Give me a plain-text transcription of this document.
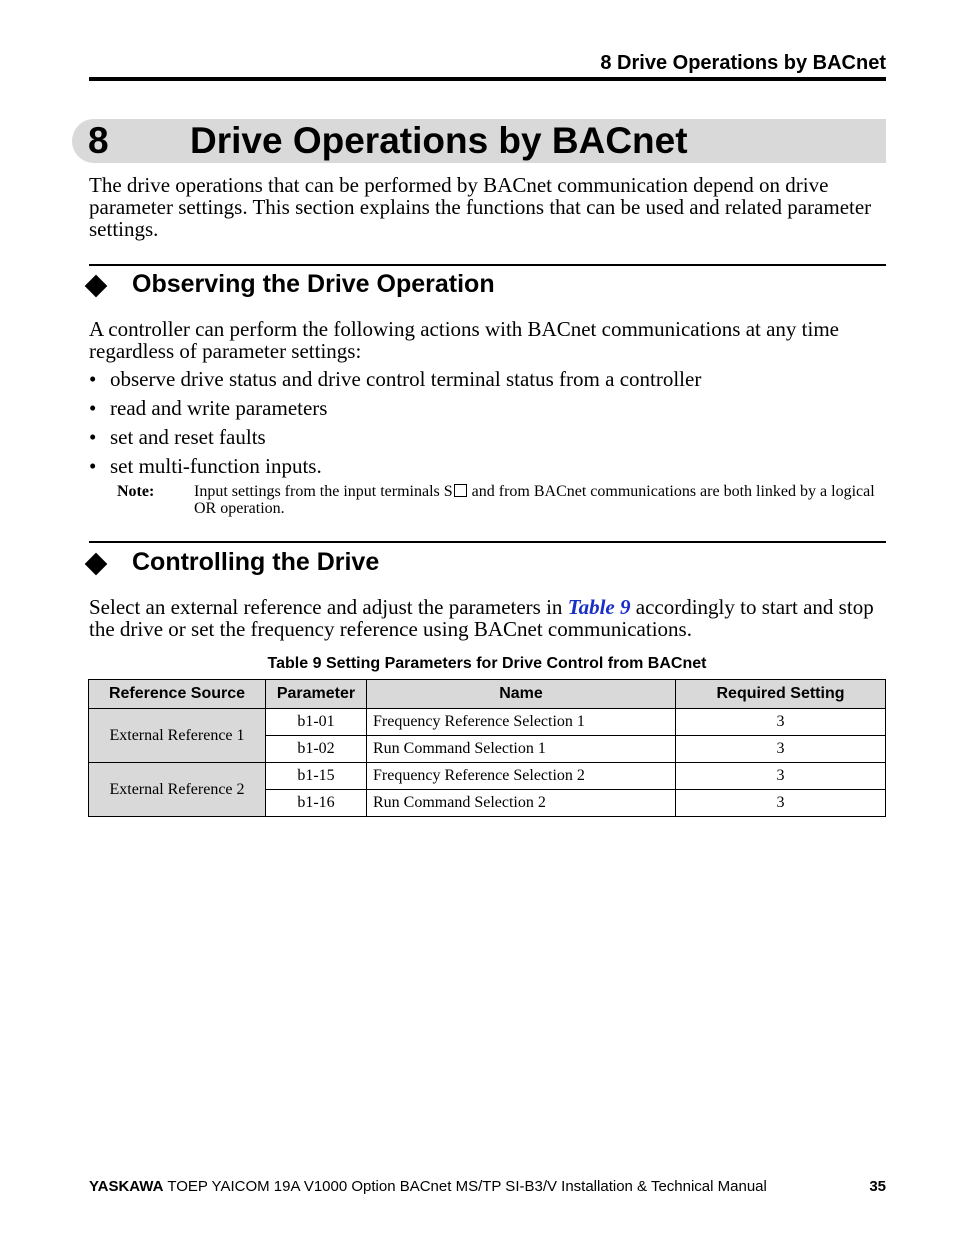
8 Drive Operations by BACnet
8 Drive Operations by BACnet
The drive operations that can be performed by BACnet communication depend on drive parameter settings. This section explains the functions that can be used and related parameter settings.
Observing the Drive Operation
A controller can perform the following actions with BACnet communications at any time regardless of parameter settings:
• observe drive status and drive control terminal status from a controller
• read and write parameters
• set and reset faults
• set multi-function inputs.
Note: Input settings from the input terminals S and from BACnet communications are both linked by a logical OR operation.
Controlling the Drive
Select an external reference and adjust the parameters in Table 9 accordingly to start and stop the drive or set the frequency reference using BACnet communications.
Table 9 Setting Parameters for Drive Control from BACnet
Reference Source	Parameter	Name	Required Setting
External Reference 1	b1-01	Frequency Reference Selection 1	3
	b1-02	Run Command Selection 1	3
External Reference 2	b1-15	Frequency Reference Selection 2	3
	b1-16	Run Command Selection 2	3
YASKAWA TOEP YAICOM 19A V1000 Option BACnet MS/TP SI-B3/V Installation & Technical Manual	35
